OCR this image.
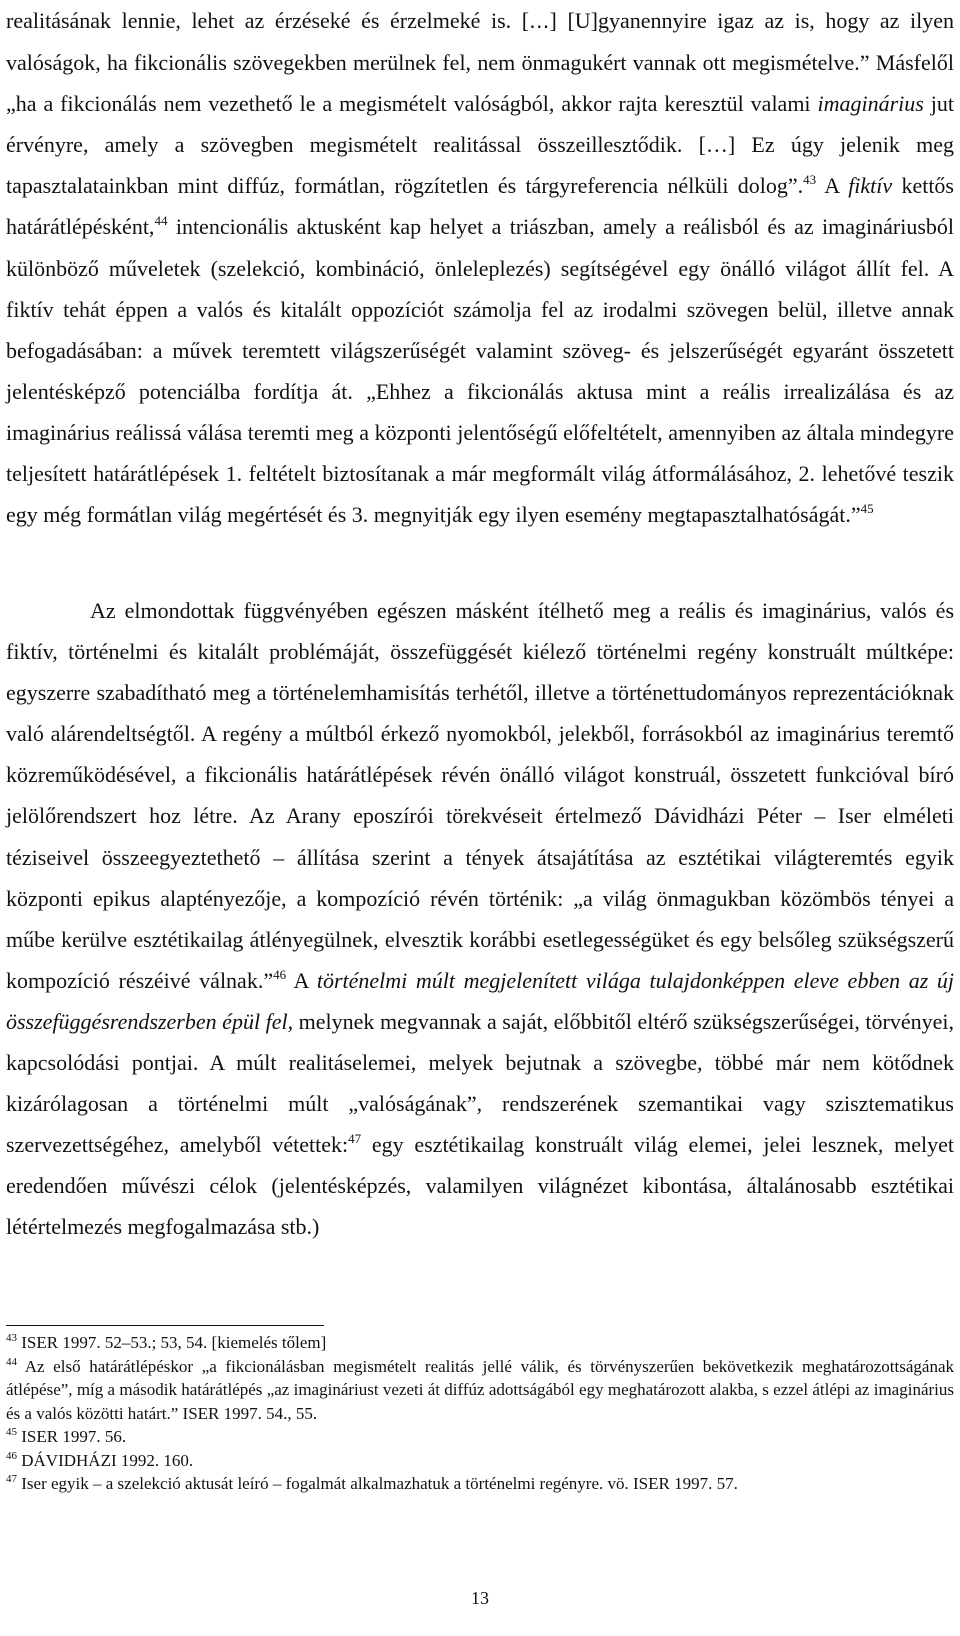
realitásának lennie, lehet az érzéseké és érzelmeké is. […] [U]gyanennyire igaz az is, hogy az ilyen valóságok, ha fikcionális szövegekben merülnek fel, nem önmagukért vannak ott megismételve.” Másfelől „ha a fikcionálás nem vezethető le a megismételt valóságból, akkor rajta keresztül valami imaginárius jut érvényre, amely a szövegben megismételt realitással összeillesztődik. […] Ez úgy jelenik meg tapasztalatainkban mint diffúz, formátlan, rögzítetlen és tárgyreferencia nélküli dolog”.$^{43}$ A fiktív kettős határátlépésként,$^{44}$ intencionális aktusként kap helyet a triászban, amely a reálisból és az imagináriusból különböző műveletek (szelekció, kombináció, önleleplezés) segítségével egy önálló világot állít fel. A fiktív tehát éppen a valós és kitalált oppozíciót számolja fel az irodalmi szövegen belül, illetve annak befogadásában: a művek teremtett világszerűségét valamint szöveg- és jelszerűségét egyaránt összetett jelentésképző potenciálba fordítja át. „Ehhez a fikcionálás aktusa mint a reális irrealizálása és az imaginárius reálissá válása teremti meg a központi jelentőségű előfeltételt, amennyiben az általa mindegyre teljesített határátlépések 1. feltételt biztosítanak a már megformált világ átformálásához, 2. lehetővé teszik egy még formátlan világ megértését és 3. megnyitják egy ilyen esemény megtapasztalhatóságát.”$^{45}$

Az elmondottak függvényében egészen másként ítélhető meg a reális és imaginárius, valós és fiktív, történelmi és kitalált problémáját, összefüggését kiélező történelmi regény konstruált múltképe: egyszerre szabadítható meg a történelemhamisítás terhétől, illetve a történettudományos reprezentációknak való alárendeltségtől. A regény a múltból érkező nyomokból, jelekből, forrásokból az imaginárius teremtő közreműködésével, a fikcionális határátlépések révén önálló világot konstruál, összetett funkcióval bíró jelölőrendszert hoz létre. Az Arany eposzírói törekvéseit értelmező Dávidházi Péter – Iser elméleti téziseivel összeegyeztethető – állítása szerint a tények átsajátítása az esztétikai világteremtés egyik központi epikus alaptényezője, a kompozíció révén történik: „a világ önmagukban közömbös tényei a műbe kerülve esztétikailag átlényegülnek, elvesztik korábbi esetlegességüket és egy belsőleg szükségszerű kompozíció részéivé válnak.”$^{46}$ A történelmi múlt megjelenített világa tulajdonképpen eleve ebben az új összefüggésrendszerben épül fel, melynek megvannak a saját, előbbitől eltérő szükségszerűségei, törvényei, kapcsolódási pontjai. A múlt realitáselemei, melyek bejutnak a szövegbe, többé már nem kötődnek kizárólagosan a történelmi múlt „valóságának”, rendszerének szemantikai vagy szisztematikus szervezettségéhez, amelyből vétettek:$^{47}$ egy esztétikailag konstruált világ elemei, jelei lesznek, melyet eredendően művészi célok (jelentésképzés, valamilyen világnézet kibontása, általánosabb esztétikai létértelmezés megfogalmazása stb.)

$^{43}$ ISER 1997. 52–53.; 53, 54. [kiemelés tőlem]

$^{44}$ Az első határátlépéskor „a fikcionálásban megismételt realitás jellé válik, és törvényszerűen bekövetkezik meghatározottságának átlépése”, míg a második határátlépés „az imagináriust vezeti át diffúz adottságából egy meghatározott alakba, s ezzel átlépi az imaginárius és a valós közötti határt.” ISER 1997. 54., 55.

$^{45}$ ISER 1997. 56.

$^{46}$ DÁVIDHÁZI 1992. 160.

$^{47}$ Iser egyik – a szelekció aktusát leíró – fogalmát alkalmazhatuk a történelmi regényre. vö. ISER 1997. 57.

13
